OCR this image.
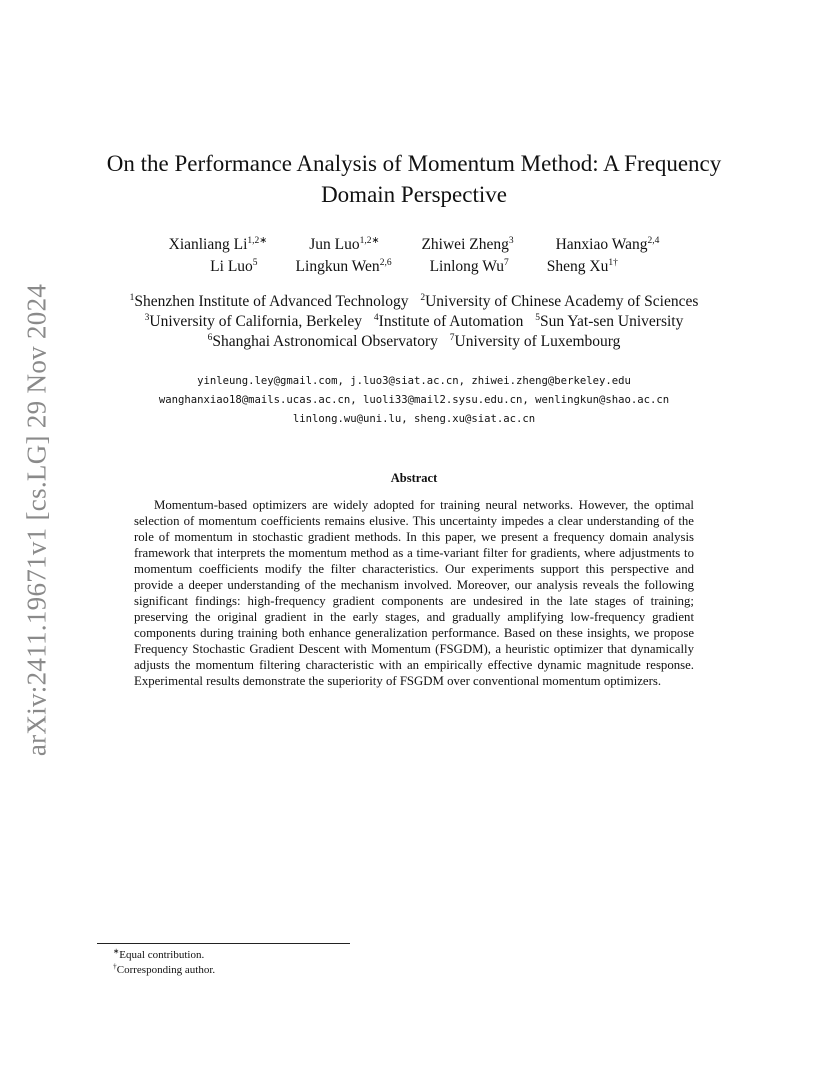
arXiv:2411.19671v1 [cs.LG] 29 Nov 2024
On the Performance Analysis of Momentum Method: A Frequency
Domain Perspective
Xianliang $Li^{1,2∗}$	Jun Luo$^{1,2∗}$	Zhiwei Zheng$^3$	Hanxiao Wang$^{2,4}$
Li Luo$^5$ Lingkun Wen$^{2,6}$ Linlong Wu$^7$ Sheng $Xu^{1\dagger}$
$^1$Shenzhen Institute of Advanced Technology $^2$University of Chinese Academy of Sciences
$^3$University of California, Berkeley $^4$Institute of Automation $^5$Sun Yat-sen University
$^6$Shanghai Astronomical Observatory $^7$University of Luxembourg
yinleung.ley@gmail.com, j.luo3@siat.ac.cn, zhiwei.zheng@berkeley.edu
wanghanxiao18@mails.ucas.ac.cn, luoli33@mail2.sysu.edu.cn, wenlingkun@shao.ac.cn
linlong.wu@uni.lu, sheng.xu@siat.ac.cn
Abstract
Momentum-based optimizers are widely adopted for training neural networks. However, the optimal selection of momentum coefficients remains elusive. This uncertainty impedes a clear understanding of the role of momentum in stochastic gradient methods. In this paper, we present a frequency domain analysis framework that interprets the momentum method as a time-variant filter for gradients, where adjustments to momentum coefficients modify the filter characteristics. Our experiments support this perspective and provide a deeper understanding of the mechanism involved. Moreover, our analysis reveals the following significant findings: high-frequency gradient components are undesired in the late stages of training; preserving the original gradient in the early stages, and gradually amplifying low-frequency gradient components during training both enhance generalization performance. Based on these insights, we propose Frequency Stochastic Gradient Descent with Momentum (FSGDM), a heuristic optimizer that dynamically adjusts the momentum filtering characteristic with an empirically effective dynamic magnitude response. Experimental results demonstrate the superiority of FSGDM over conventional momentum optimizers.
∗Equal contribution.
†Corresponding author.
